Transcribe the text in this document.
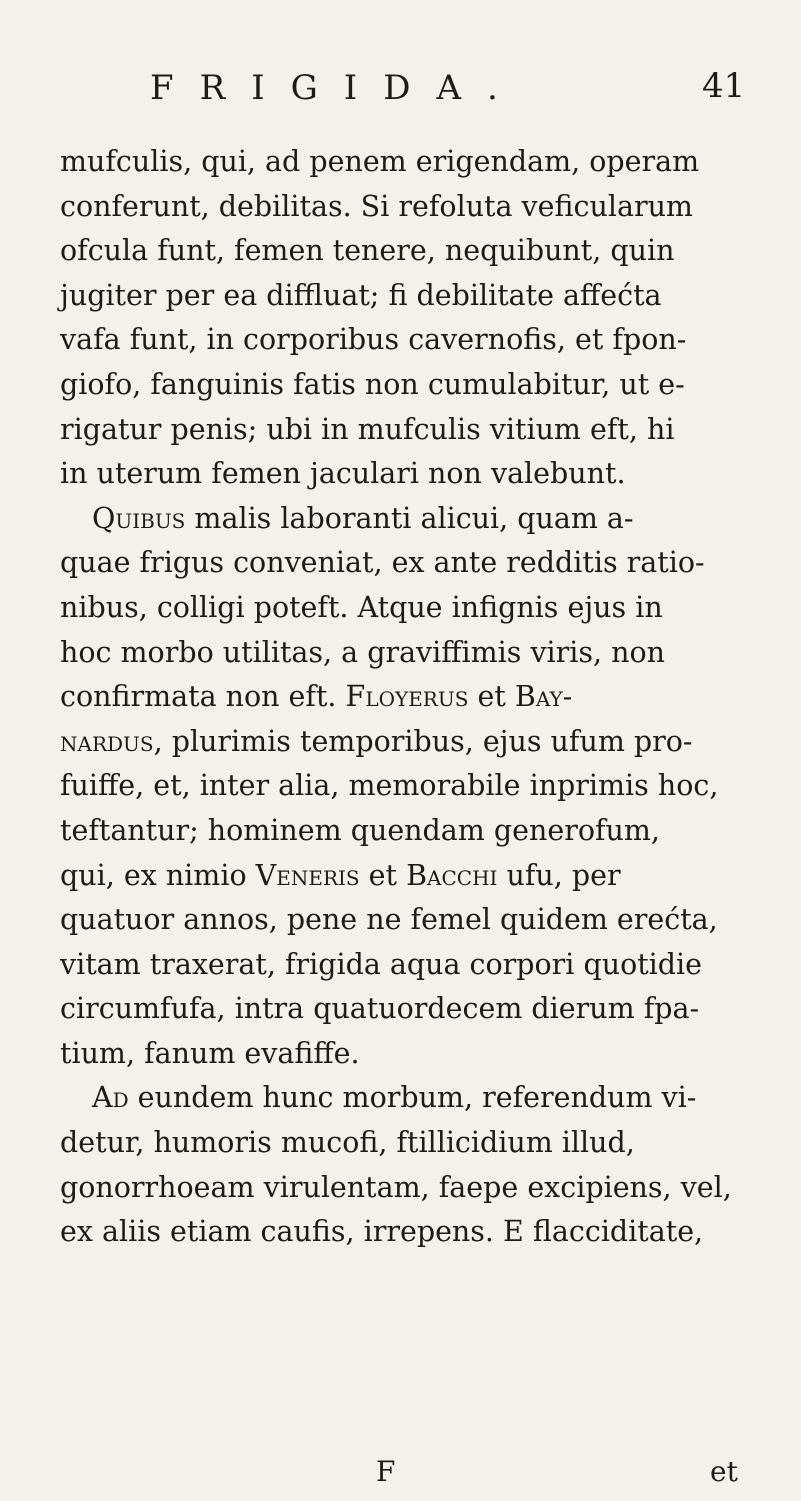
FRIGIDA.	41
mufculis, qui, ad penem erigendam, operam
conferunt, debilitas. Si refoluta veficularum
ofcula funt, femen tenere, nequibunt, quin
jugiter per ea diffluat; fi debilitate affećta
vafa funt, in corporibus cavernofis, et fpon-
giofo, fanguinis fatis non cumulabitur, ut e-
rigatur penis; ubi in mufculis vitium eft, hi
in uterum femen jaculari non valebunt.
Quibus malis laboranti alicui, quam a-
quae frigus conveniat, ex ante redditis ratio-
nibus, colligi poteft. Atque infignis ejus in
hoc morbo utilitas, a graviffimis viris, non
confirmata non eft. Floyerus et Bay-
nardus, plurimis temporibus, ejus ufum pro-
fuiffe, et, inter alia, memorabile inprimis hoc,
teftantur; hominem quendam generofum,
qui, ex nimio Veneris et Bacchi ufu, per
quatuor annos, pene ne femel quidem erećta,
vitam traxerat, frigida aqua corpori quotidie
circumfufa, intra quatuordecem dierum fpa-
tium, fanum evafiffe.
Ad eundem hunc morbum, referendum vi-
detur, humoris mucofi, ftillicidium illud,
gonorrhoeam virulentam, faepe excipiens, vel,
ex aliis etiam caufis, irrepens. E flacciditate,
F	et
